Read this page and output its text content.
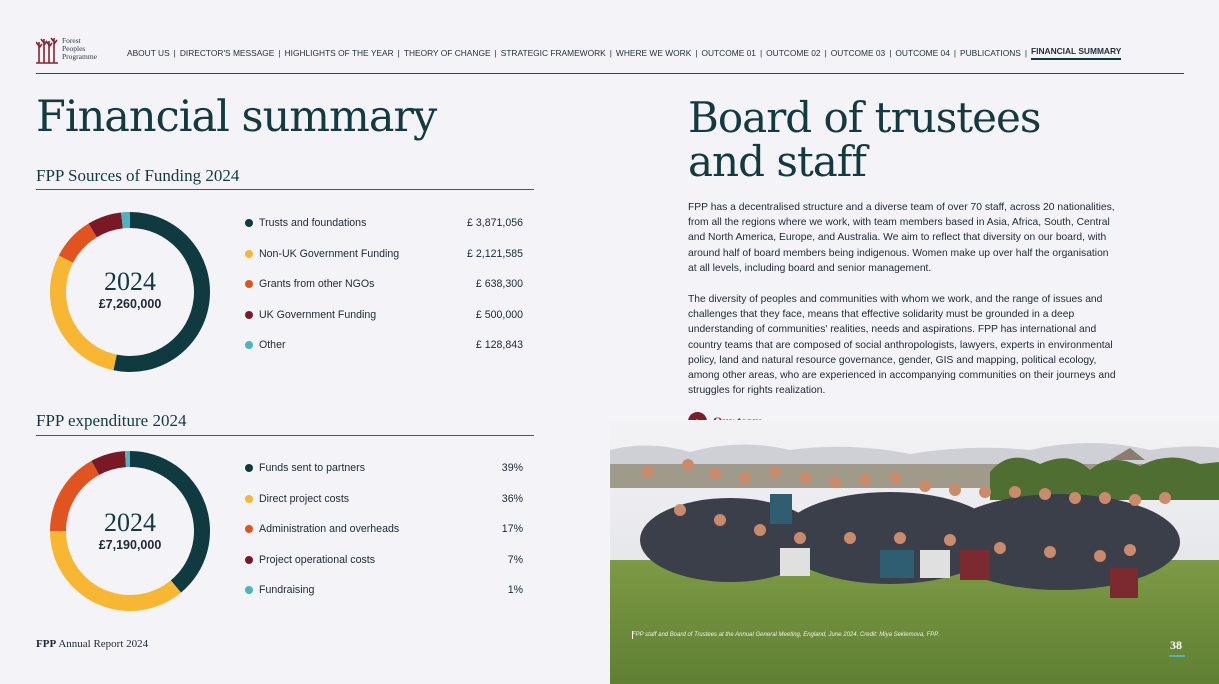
Forest
Peoples
Programme	ABOUT US | DIRECTOR'S MESSAGE | HIGHLIGHTS OF THE YEAR | THEORY OF CHANGE | STRATEGIC FRAMEWORK | WHERE WE WORK | OUTCOME 01 | OUTCOME 02 | OUTCOME 03 | OUTCOME 04 | PUBLICATIONS | FINANCIAL SUMMARY
Financial summary
FPP Sources of Funding 2024
2024
£7,260,000
Trusts and foundations	£ 3,871,056
Non-UK Government Funding	£ 2,121,585
Grants from other NGOs	£ 638,300
UK Government Funding	£ 500,000
Other	£ 128,843
FPP expenditure 2024
2024
£7,190,000
Funds sent to partners	39%
Direct project costs	36%
Administration and overheads	17%
Project operational costs	7%
Fundraising	1%
FPP Annual Report 2024
Board of trustees
and staff
FPP has a decentralised structure and a diverse team of over 70 staff, across 20 nationalities, from all the regions where we work, with team members based in Asia, Africa, South, Central and North America, Europe, and Australia. We aim to reflect that diversity on our board, with around half of board members being indigenous. Women make up over half the organisation at all levels, including board and senior management.
The diversity of peoples and communities with whom we work, and the range of issues and challenges that they face, means that effective solidarity must be grounded in a deep understanding of communities' realities, needs and aspirations. FPP has international and country teams that are composed of social anthropologists, lawyers, experts in environmental policy, land and natural resource governance, gender, GIS and mapping, political ecology, among other areas, who are experienced in accompanying communities on their journeys and struggles for rights realization.
FPP staff and Board of Trustees at the Annual General Meeting, England, June 2024. Credit: Miya Seklemova, FPP.
38
